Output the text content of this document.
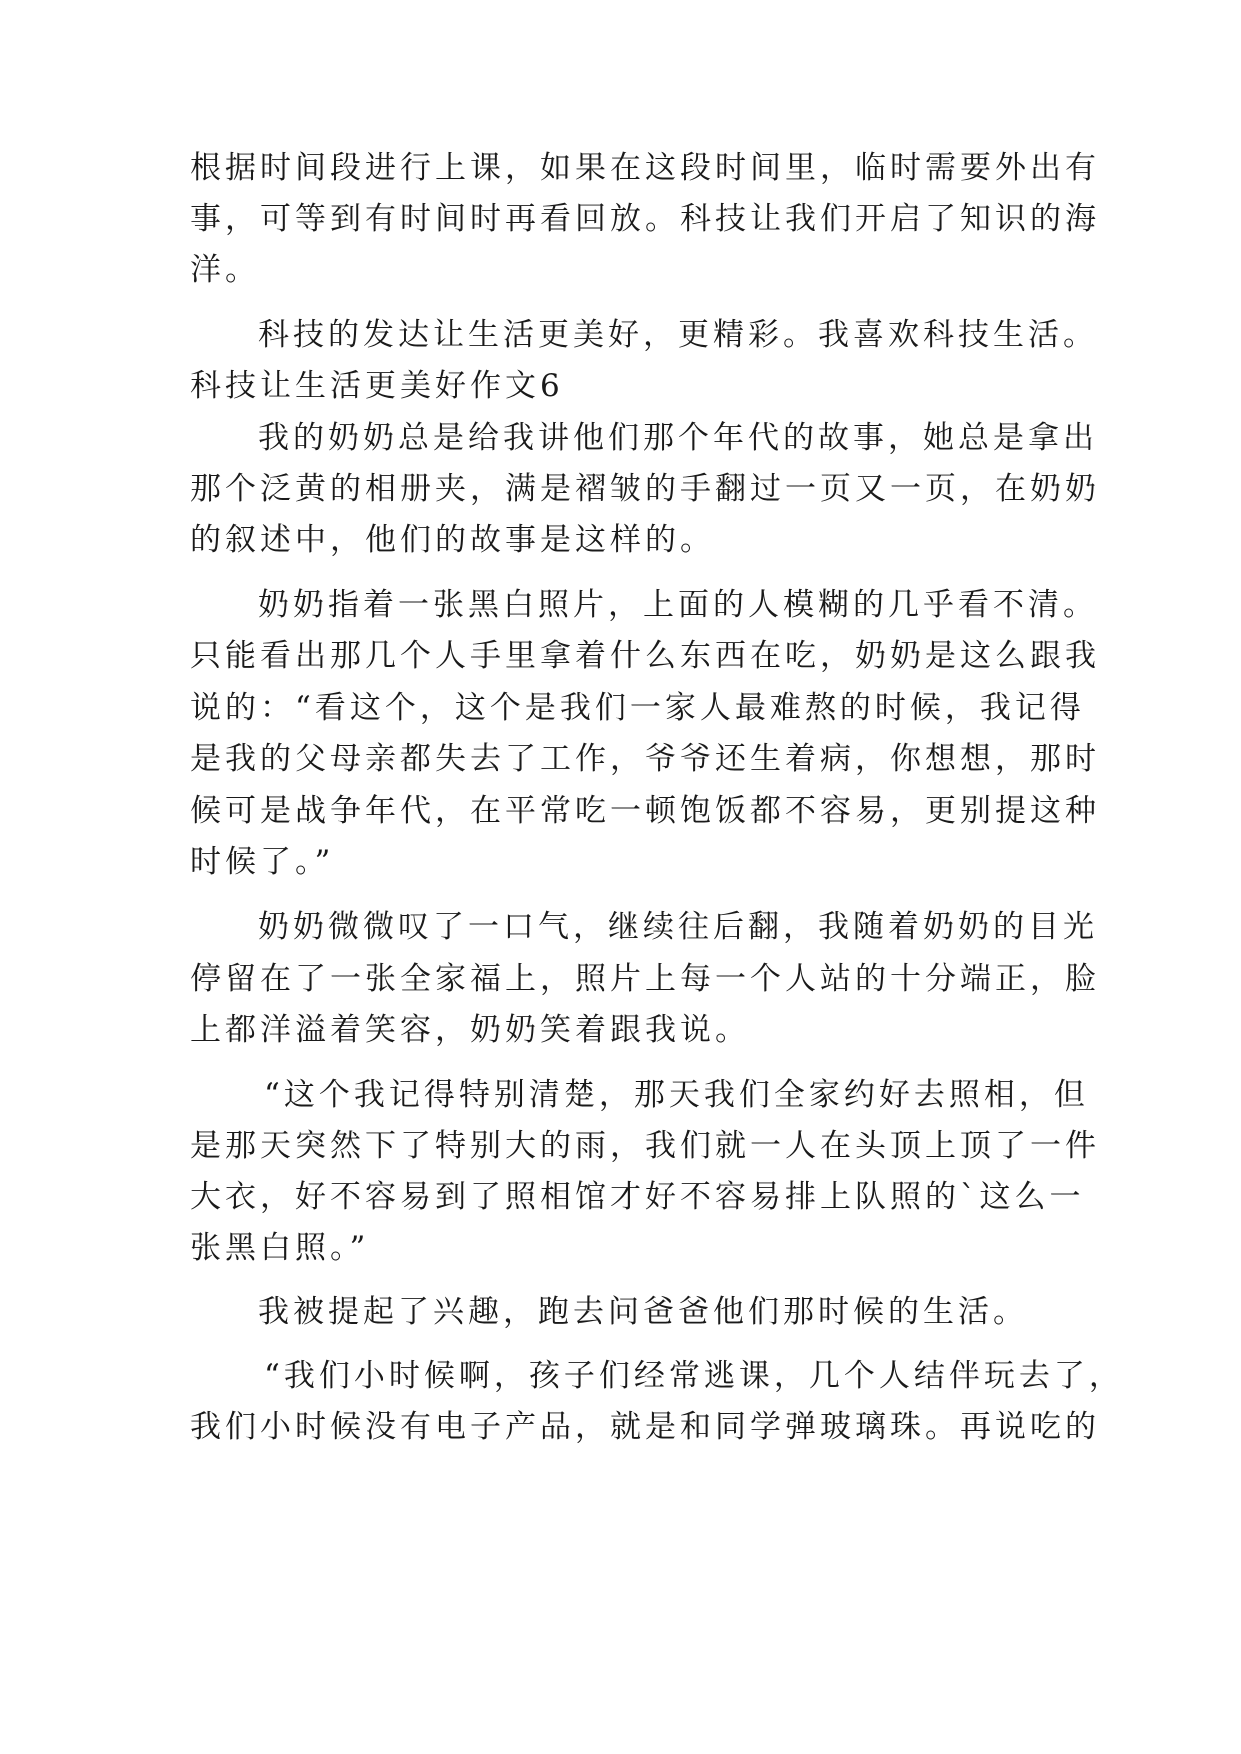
根据时间段进行上课，如果在这段时间里，临时需要外出有
事，可等到有时间时再看回放。科技让我们开启了知识的海
洋。
科技的发达让生活更美好，更精彩。我喜欢科技生活。
科技让生活更美好作文6
我的奶奶总是给我讲他们那个年代的故事，她总是拿出
那个泛黄的相册夹，满是褶皱的手翻过一页又一页，在奶奶
的叙述中，他们的故事是这样的。
奶奶指着一张黑白照片，上面的人模糊的几乎看不清。
只能看出那几个人手里拿着什么东西在吃，奶奶是这么跟我
说的：“看这个，这个是我们一家人最难熬的时候，我记得
是我的父母亲都失去了工作，爷爷还生着病，你想想，那时
候可是战争年代，在平常吃一顿饱饭都不容易，更别提这种
时候了。”
奶奶微微叹了一口气，继续往后翻，我随着奶奶的目光
停留在了一张全家福上，照片上每一个人站的十分端正，脸
上都洋溢着笑容，奶奶笑着跟我说。
“这个我记得特别清楚，那天我们全家约好去照相，但
是那天突然下了特别大的雨，我们就一人在头顶上顶了一件
大衣，好不容易到了照相馆才好不容易排上队照的`这么一
张黑白照。”
我被提起了兴趣，跑去问爸爸他们那时候的生活。
“我们小时候啊，孩子们经常逃课，几个人结伴玩去了，
我们小时候没有电子产品，就是和同学弹玻璃珠。再说吃的
